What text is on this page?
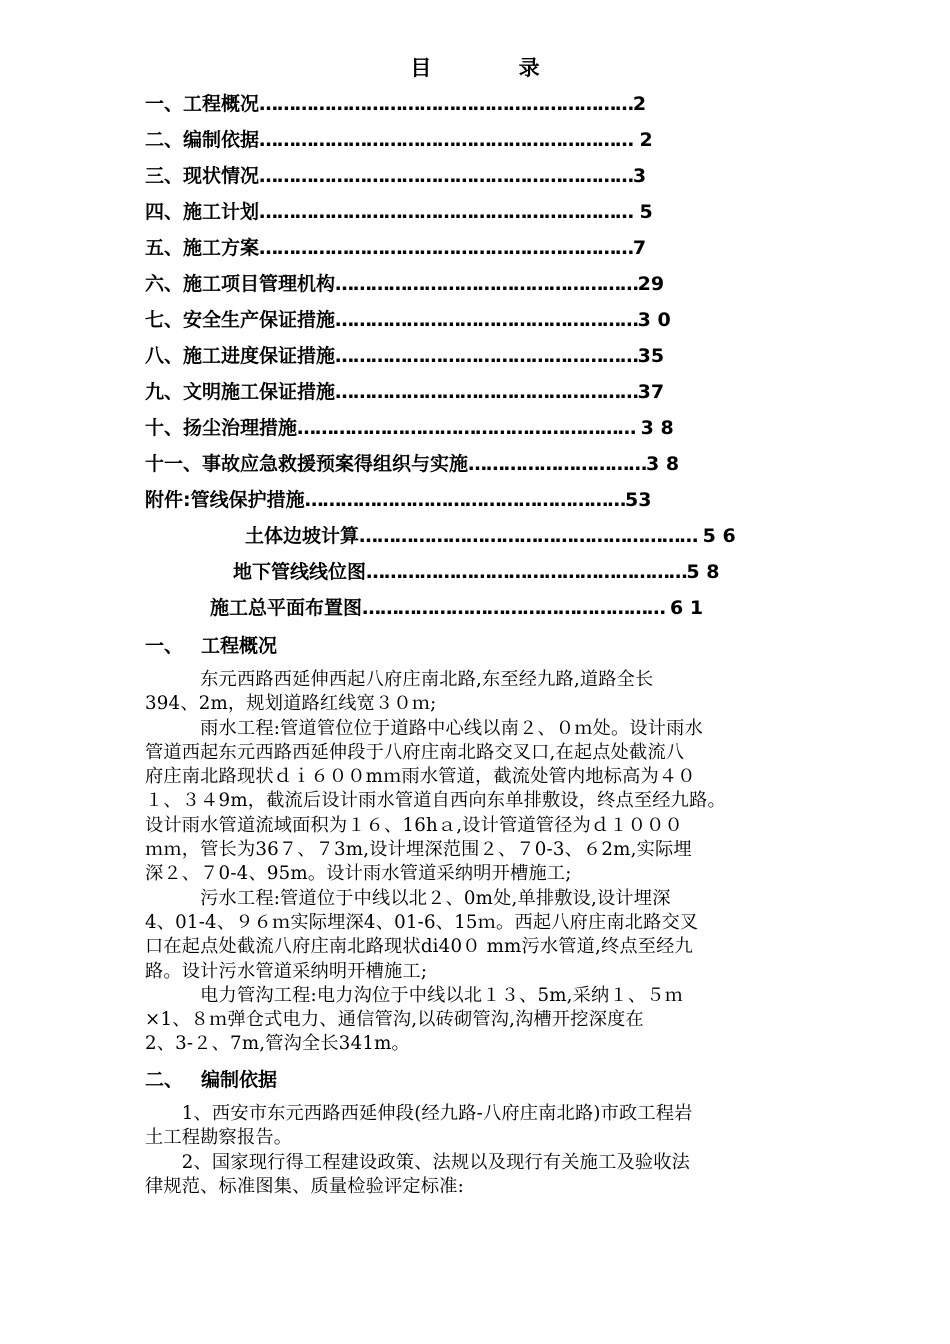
目 录
一、工程概况………………………………………………………2
二、编制依据……………………………………………………… 2
三、现状情况………………………………………………………3
四、施工计划……………………………………………………… 5
五、施工方案………………………………………………………7
六、施工项目管理机构……………………………………………29
七、安全生产保证措施……………………………………………3 0
八、施工进度保证措施……………………………………………35
九、文明施工保证措施……………………………………………37
十、扬尘治理措施………………………………………………… 3 8
十一、事故应急救援预案得组织与实施…………………………3 8
附件:管线保护措施………………………………………………53
土体边坡计算………………………………………………… 5 6
地下管线线位图………………………………………………5 8
施工总平面布置图…………………………………………… 6 1
一、 工程概况
　　　东元西路西延伸西起八府庄南北路,东至经九路,道路全长
394、2m，规划道路红线宽３０ｍ;
　　　雨水工程:管道管位位于道路中心线以南２、０ｍ处。设计雨水
管道西起东元西路西延伸段于八府庄南北路交叉口,在起点处截流八
府庄南北路现状ｄｉ６００mｍ雨水管道，截流处管内地标高为４０
１、３４9m，截流后设计雨水管道自西向东单排敷设，终点至经九路。
设计雨水管道流域面积为１６、16hａ,设计管道管径为ｄ１０００
ｍｍ，管长为36７、７3m,设计埋深范围２、７0-3、６2m,实际埋
深２、７0-4、95m。设计雨水管道采纳明开槽施工;
　　　污水工程:管道位于中线以北２、0m处,单排敷设,设计埋深
4、01-4、９６ｍ实际埋深4、01-6、15ｍ。西起八府庄南北路交叉
口在起点处截流八府庄南北路现状di40０ mm污水管道,终点至经九
路。设计污水管道采纳明开槽施工;
　　　电力管沟工程:电力沟位于中线以北１３、5m,采纳１、５ｍ
×1、８ｍ弹仓式电力、通信管沟,以砖砌管沟,沟槽开挖深度在
2、3-２、7m,管沟全长341m。
二、 编制依据
　　1、西安市东元西路西延伸段(经九路-八府庄南北路)市政工程岩
土工程勘察报告。
　　2、国家现行得工程建设政策、法规以及现行有关施工及验收法
律规范、标准图集、质量检验评定标准:
